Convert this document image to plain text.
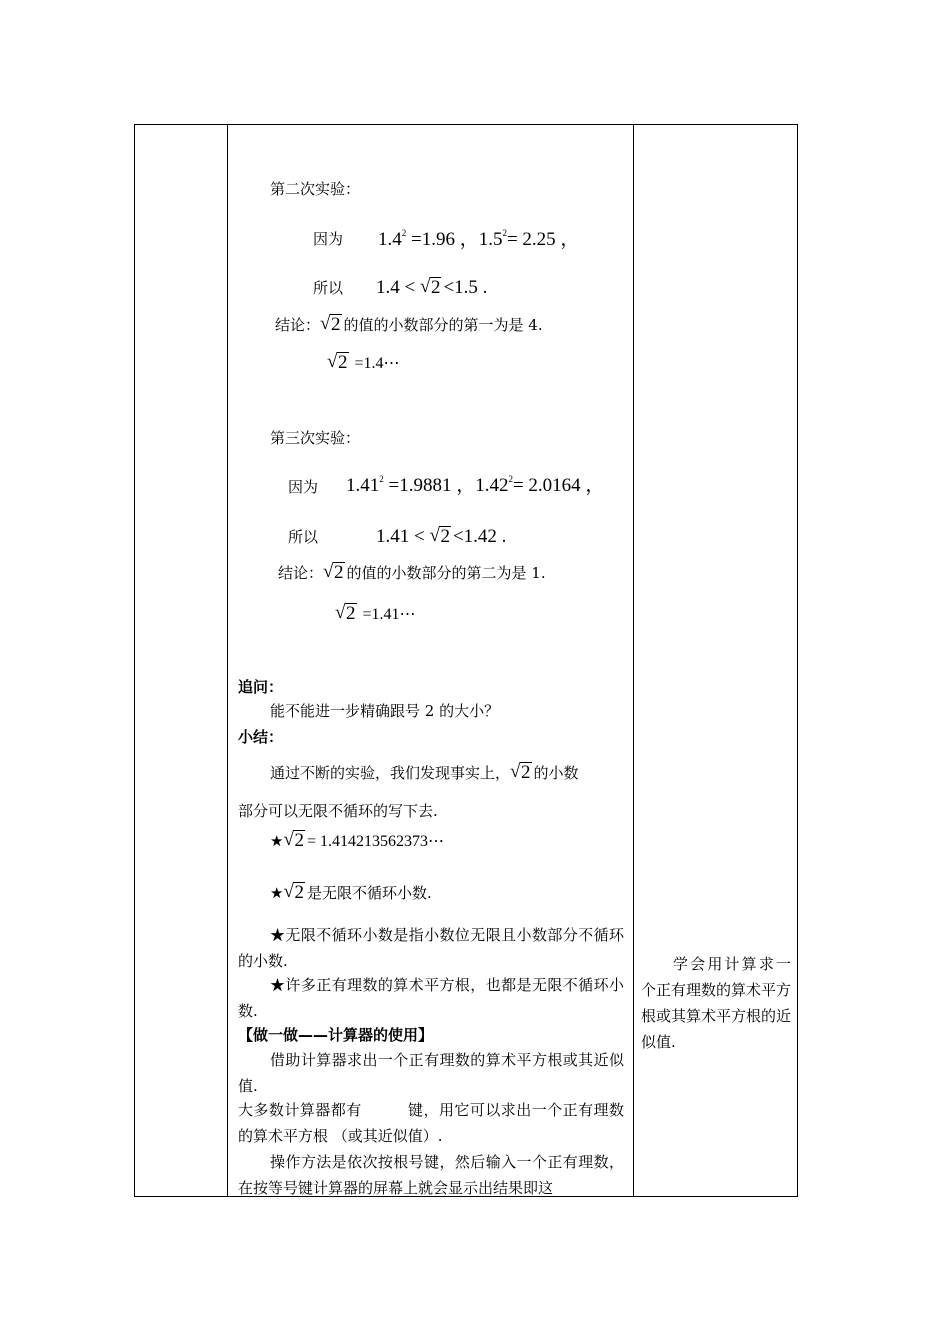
第二次实验：
因为 $1.4^2 =1.96$ ，$1.5^2= 2.25$ ，
所以 1.4 < √ 2 <1.5 .
结论： √ 2 的值的小数部分的第一为是 4.
√ 2 =1.4⋯
第三次实验：
因为 $1.41^2 =1.9881$ ，$1.42^2= 2.0164$ ，
所以	1.41 < √ 2 <1.42 .
结论： √ 2 的值的小数部分的第二为是 1.
√ 2 =1.41⋯
追问：
能不能进一步精确跟号 2 的大小？
小结：
通过不断的实验，我们发现事实上， √ 2 的小数
部分可以无限不循环的写下去.
★ √ 2 = 1.414213562373⋯
★ √ 2 是无限不循环小数.
★无限不循环小数是指小数位无限且小数部分不循环的小数.
★许多正有理数的算术平方根，也都是无限不循环小数.
【做一做——计算器的使用】
借助计算器求出一个正有理数的算术平方根或其近似值.
大多数计算器都有　　　键，用它可以求出一个正有理数的算术平方根 （或其近似值）.
操作方法是依次按根号键，然后输入一个正有理数，在按等号键计算器的屏幕上就会显示出结果即这
学会用计算求一个正有理数的算术平方根或其算术平方根的近似值.
